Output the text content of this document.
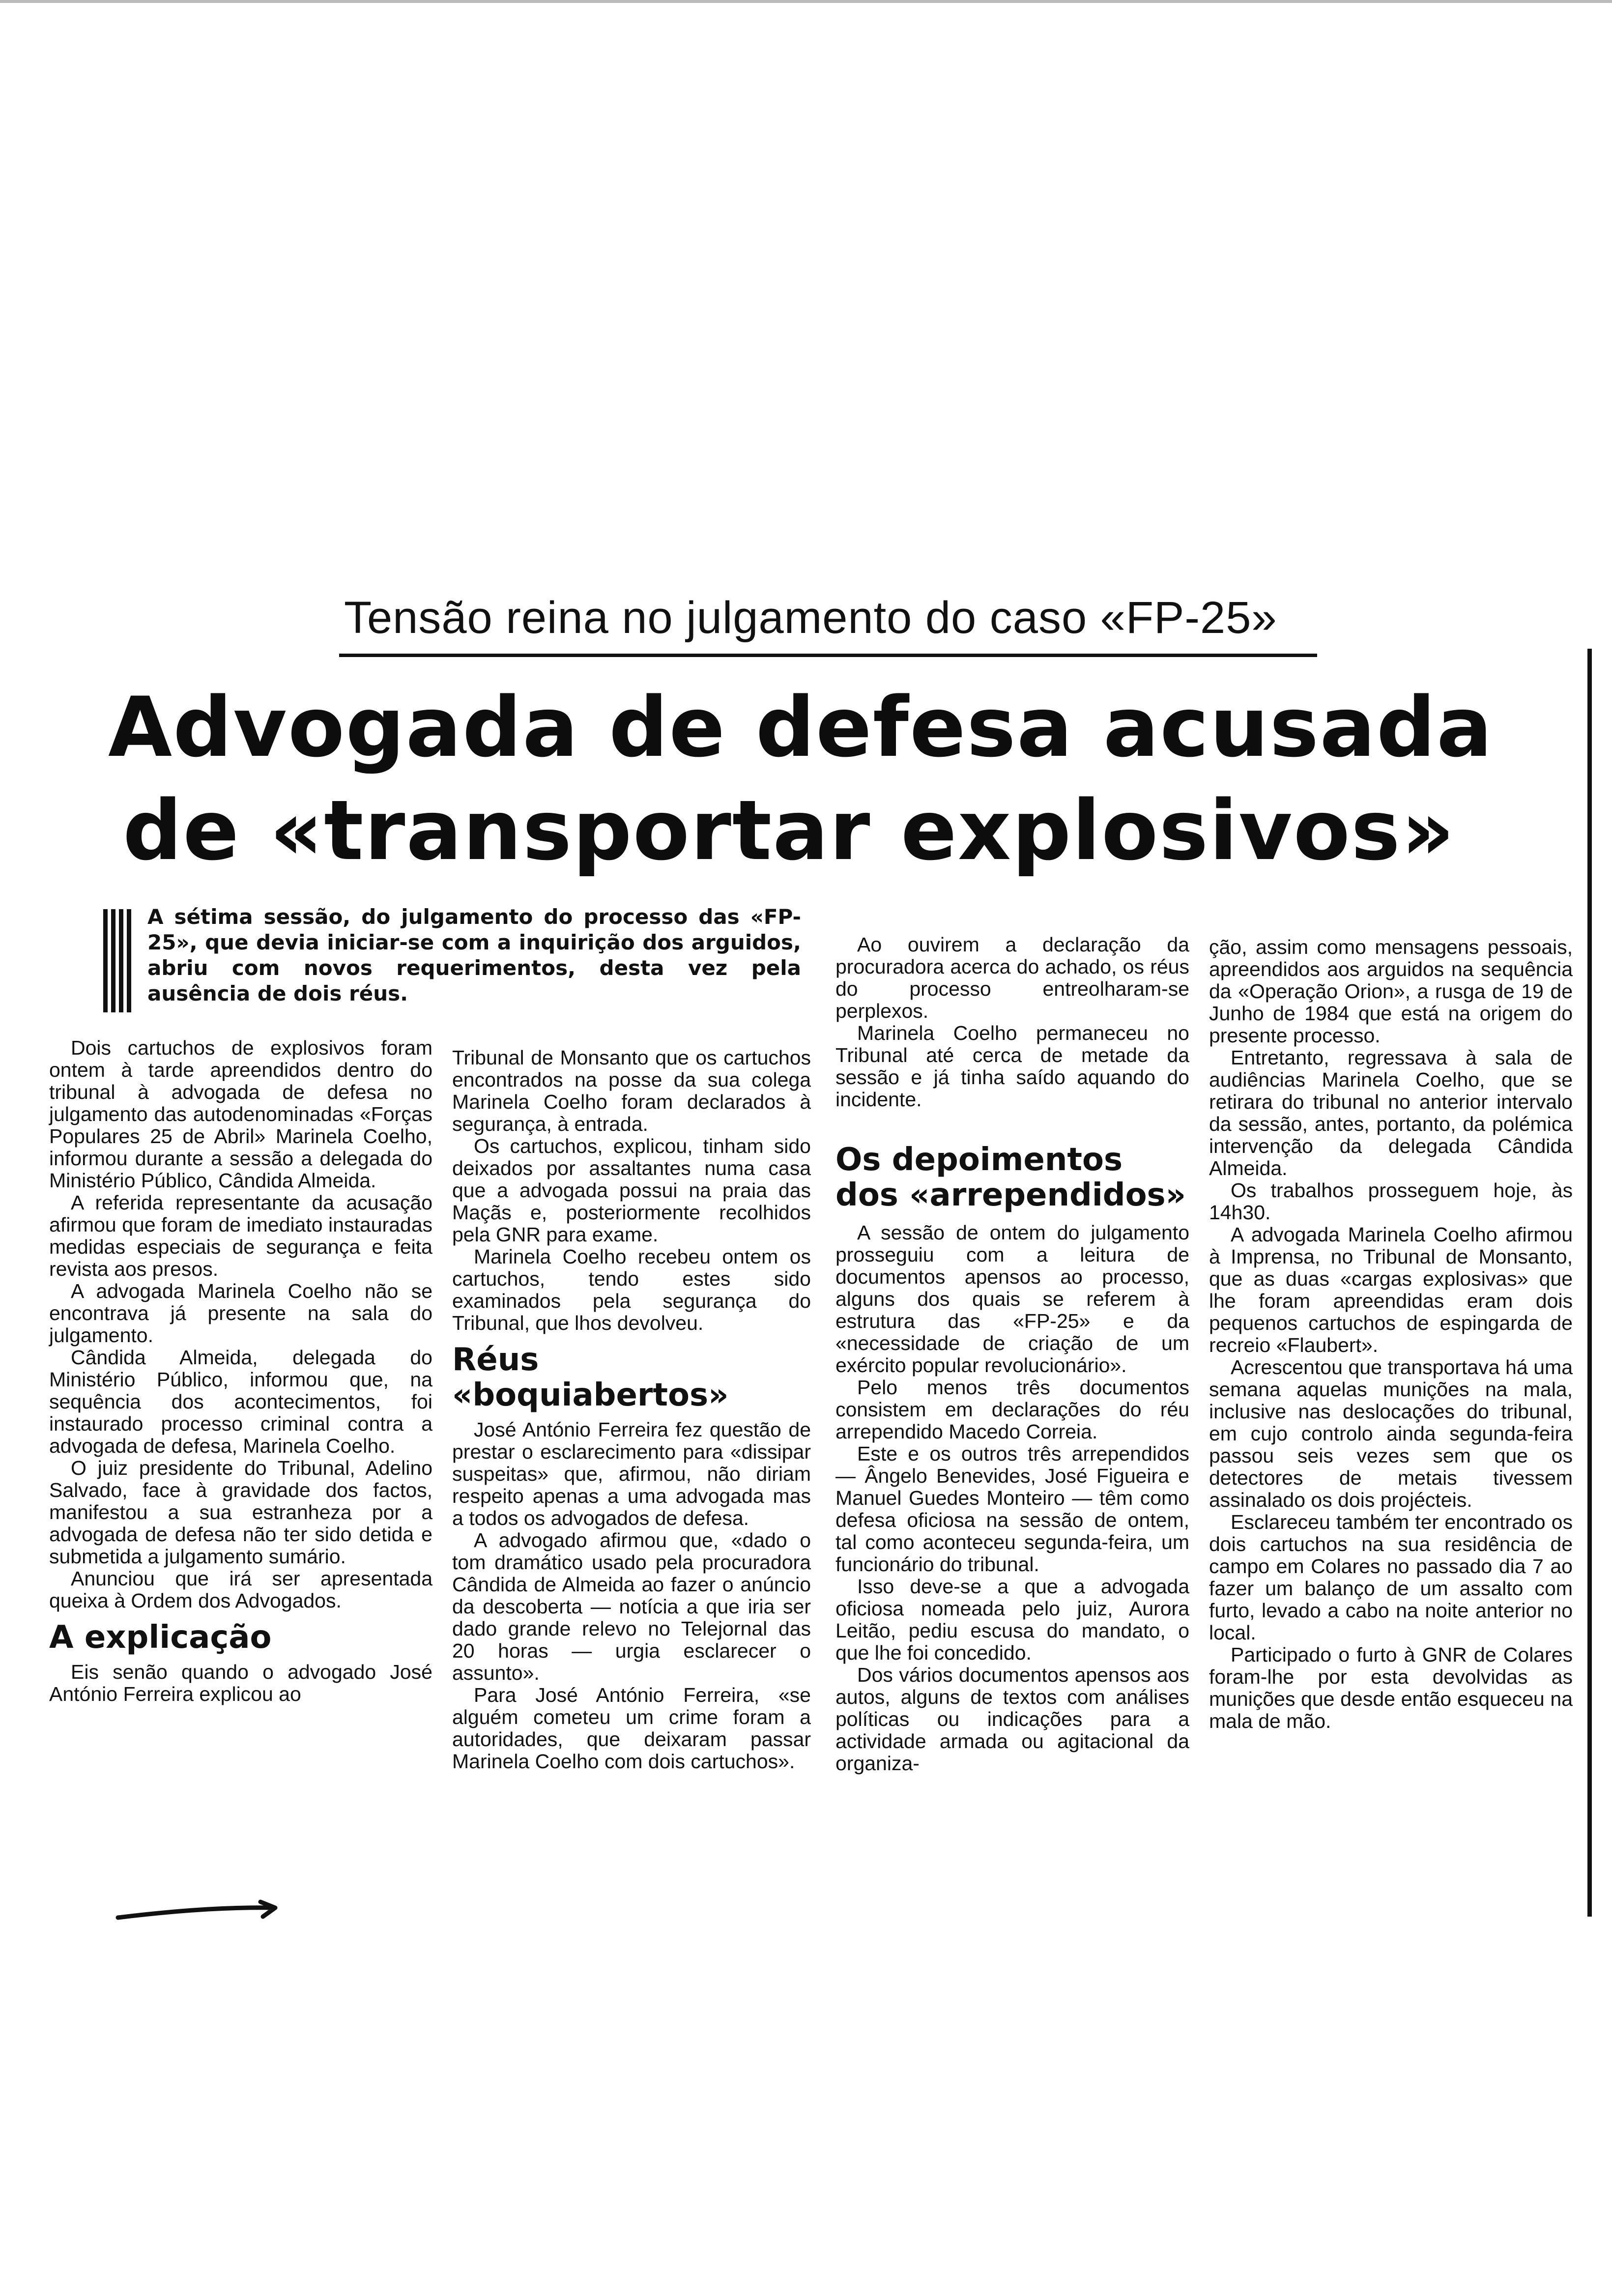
Tensão reina no julgamento do caso «FP-25»
Advogada de defesa acusada
de «transportar explosivos»

A sétima sessão, do julgamento do processo das «FP-25», que devia iniciar-se com a inquirição dos arguidos, abriu com novos requerimentos, desta vez pela ausência de dois réus.

Dois cartuchos de explosivos foram ontem à tarde apreendidos dentro do tribunal à advogada de defesa no julgamento das autodenominadas «Forças Populares 25 de Abril» Marinela Coelho, informou durante a sessão a delegada do Ministério Público, Cândida Almeida.

A referida representante da acusação afirmou que foram de imediato instauradas medidas especiais de segurança e feita revista aos presos.

A advogada Marinela Coelho não se encontrava já presente na sala do julgamento.

Cândida Almeida, delegada do Ministério Público, informou que, na sequência dos acontecimentos, foi instaurado processo criminal contra a advogada de defesa, Marinela Coelho.

O juiz presidente do Tribunal, Adelino Salvado, face à gravidade dos factos, manifestou a sua estranheza por a advogada de defesa não ter sido detida e submetida a julgamento sumário.

Anunciou que irá ser apresentada queixa à Ordem dos Advogados.

A explicação

Eis senão quando o advogado José António Ferreira explicou ao

Tribunal de Monsanto que os cartuchos encontrados na posse da sua colega Marinela Coelho foram declarados à segurança, à entrada.

Os cartuchos, explicou, tinham sido deixados por assaltantes numa casa que a advogada possui na praia das Maçãs e, posteriormente recolhidos pela GNR para exame.

Marinela Coelho recebeu ontem os cartuchos, tendo estes sido examinados pela segurança do Tribunal, que lhos devolveu.

Réus «boquiabertos»

José António Ferreira fez questão de prestar o esclarecimento para «dissipar suspeitas» que, afirmou, não diriam respeito apenas a uma advogada mas a todos os advogados de defesa.

A advogado afirmou que, «dado o tom dramático usado pela procuradora Cândida de Almeida ao fazer o anúncio da descoberta — notícia a que iria ser dado grande relevo no Telejornal das 20 horas — urgia esclarecer o assunto».

Para José António Ferreira, «se alguém cometeu um crime foram a autoridades, que deixaram passar Marinela Coelho com dois cartuchos».

Ao ouvirem a declaração da procuradora acerca do achado, os réus do processo entreolharam-se perplexos.

Marinela Coelho permaneceu no Tribunal até cerca de metade da sessão e já tinha saído aquando do incidente.

Os depoimentos dos «arrependidos»

A sessão de ontem do julgamento prosseguiu com a leitura de documentos apensos ao processo, alguns dos quais se referem à estrutura das «FP-25» e da «necessidade de criação de um exército popular revolucionário».

Pelo menos três documentos consistem em declarações do réu arrependido Macedo Correia.

Este e os outros três arrependidos — Ângelo Benevides, José Figueira e Manuel Guedes Monteiro — têm como defesa oficiosa na sessão de ontem, tal como aconteceu segunda-feira, um funcionário do tribunal.

Isso deve-se a que a advogada oficiosa nomeada pelo juiz, Aurora Leitão, pediu escusa do mandato, o que lhe foi concedido.

Dos vários documentos apensos aos autos, alguns de textos com análises políticas ou indicações para a actividade armada ou agitacional da organiza-

ção, assim como mensagens pessoais, apreendidos aos arguidos na sequência da «Operação Orion», a rusga de 19 de Junho de 1984 que está na origem do presente processo.

Entretanto, regressava à sala de audiências Marinela Coelho, que se retirara do tribunal no anterior intervalo da sessão, antes, portanto, da polémica intervenção da delegada Cândida Almeida.

Os trabalhos prosseguem hoje, às 14h30.

A advogada Marinela Coelho afirmou à Imprensa, no Tribunal de Monsanto, que as duas «cargas explosivas» que lhe foram apreendidas eram dois pequenos cartuchos de espingarda de recreio «Flaubert».

Acrescentou que transportava há uma semana aquelas munições na mala, inclusive nas deslocações do tribunal, em cujo controlo ainda segunda-feira passou seis vezes sem que os detectores de metais tivessem assinalado os dois projécteis.

Esclareceu também ter encontrado os dois cartuchos na sua residência de campo em Colares no passado dia 7 ao fazer um balanço de um assalto com furto, levado a cabo na noite anterior no local.

Participado o furto à GNR de Colares foram-lhe por esta devolvidas as munições que desde então esqueceu na mala de mão.
